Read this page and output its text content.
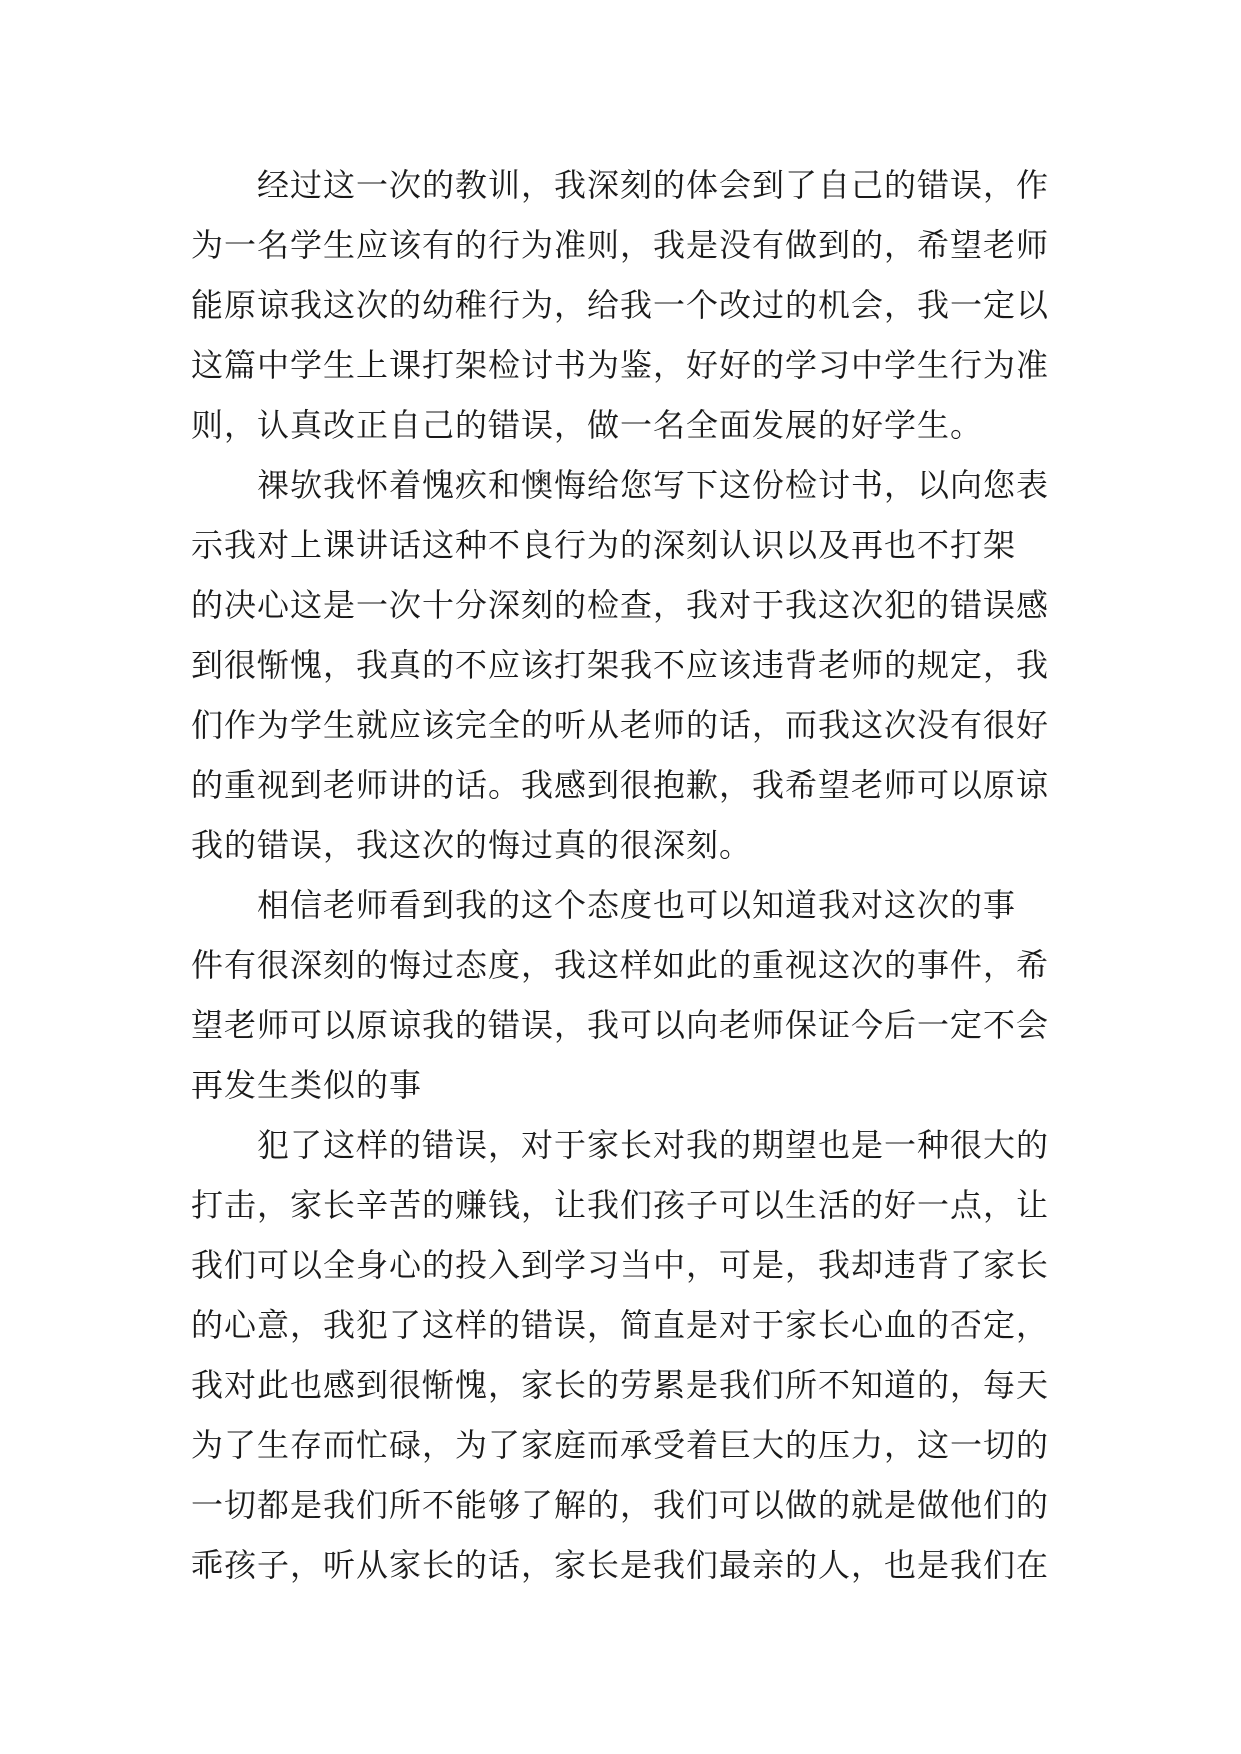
　　经过这一次的教训，我深刻的体会到了自己的错误，作
为一名学生应该有的行为准则，我是没有做到的，希望老师
能原谅我这次的幼稚行为，给我一个改过的机会，我一定以
这篇中学生上课打架检讨书为鉴，好好的学习中学生行为准
则，认真改正自己的错误，做一名全面发展的好学生。
　　祼欤我怀着愧疚和懊悔给您写下这份检讨书，以向您表
示我对上课讲话这种不良行为的深刻认识以及再也不打架
的决心这是一次十分深刻的检查，我对于我这次犯的错误感
到很惭愧，我真的不应该打架我不应该违背老师的规定，我
们作为学生就应该完全的听从老师的话，而我这次没有很好
的重视到老师讲的话。我感到很抱歉，我希望老师可以原谅
我的错误，我这次的悔过真的很深刻。
　　相信老师看到我的这个态度也可以知道我对这次的事
件有很深刻的悔过态度，我这样如此的重视这次的事件，希
望老师可以原谅我的错误，我可以向老师保证今后一定不会
再发生类似的事
　　犯了这样的错误，对于家长对我的期望也是一种很大的
打击，家长辛苦的赚钱，让我们孩子可以生活的好一点，让
我们可以全身心的投入到学习当中，可是，我却违背了家长
的心意，我犯了这样的错误，简直是对于家长心血的否定，
我对此也感到很惭愧，家长的劳累是我们所不知道的，每天
为了生存而忙碌，为了家庭而承受着巨大的压力，这一切的
一切都是我们所不能够了解的，我们可以做的就是做他们的
乖孩子，听从家长的话，家长是我们最亲的人，也是我们在
